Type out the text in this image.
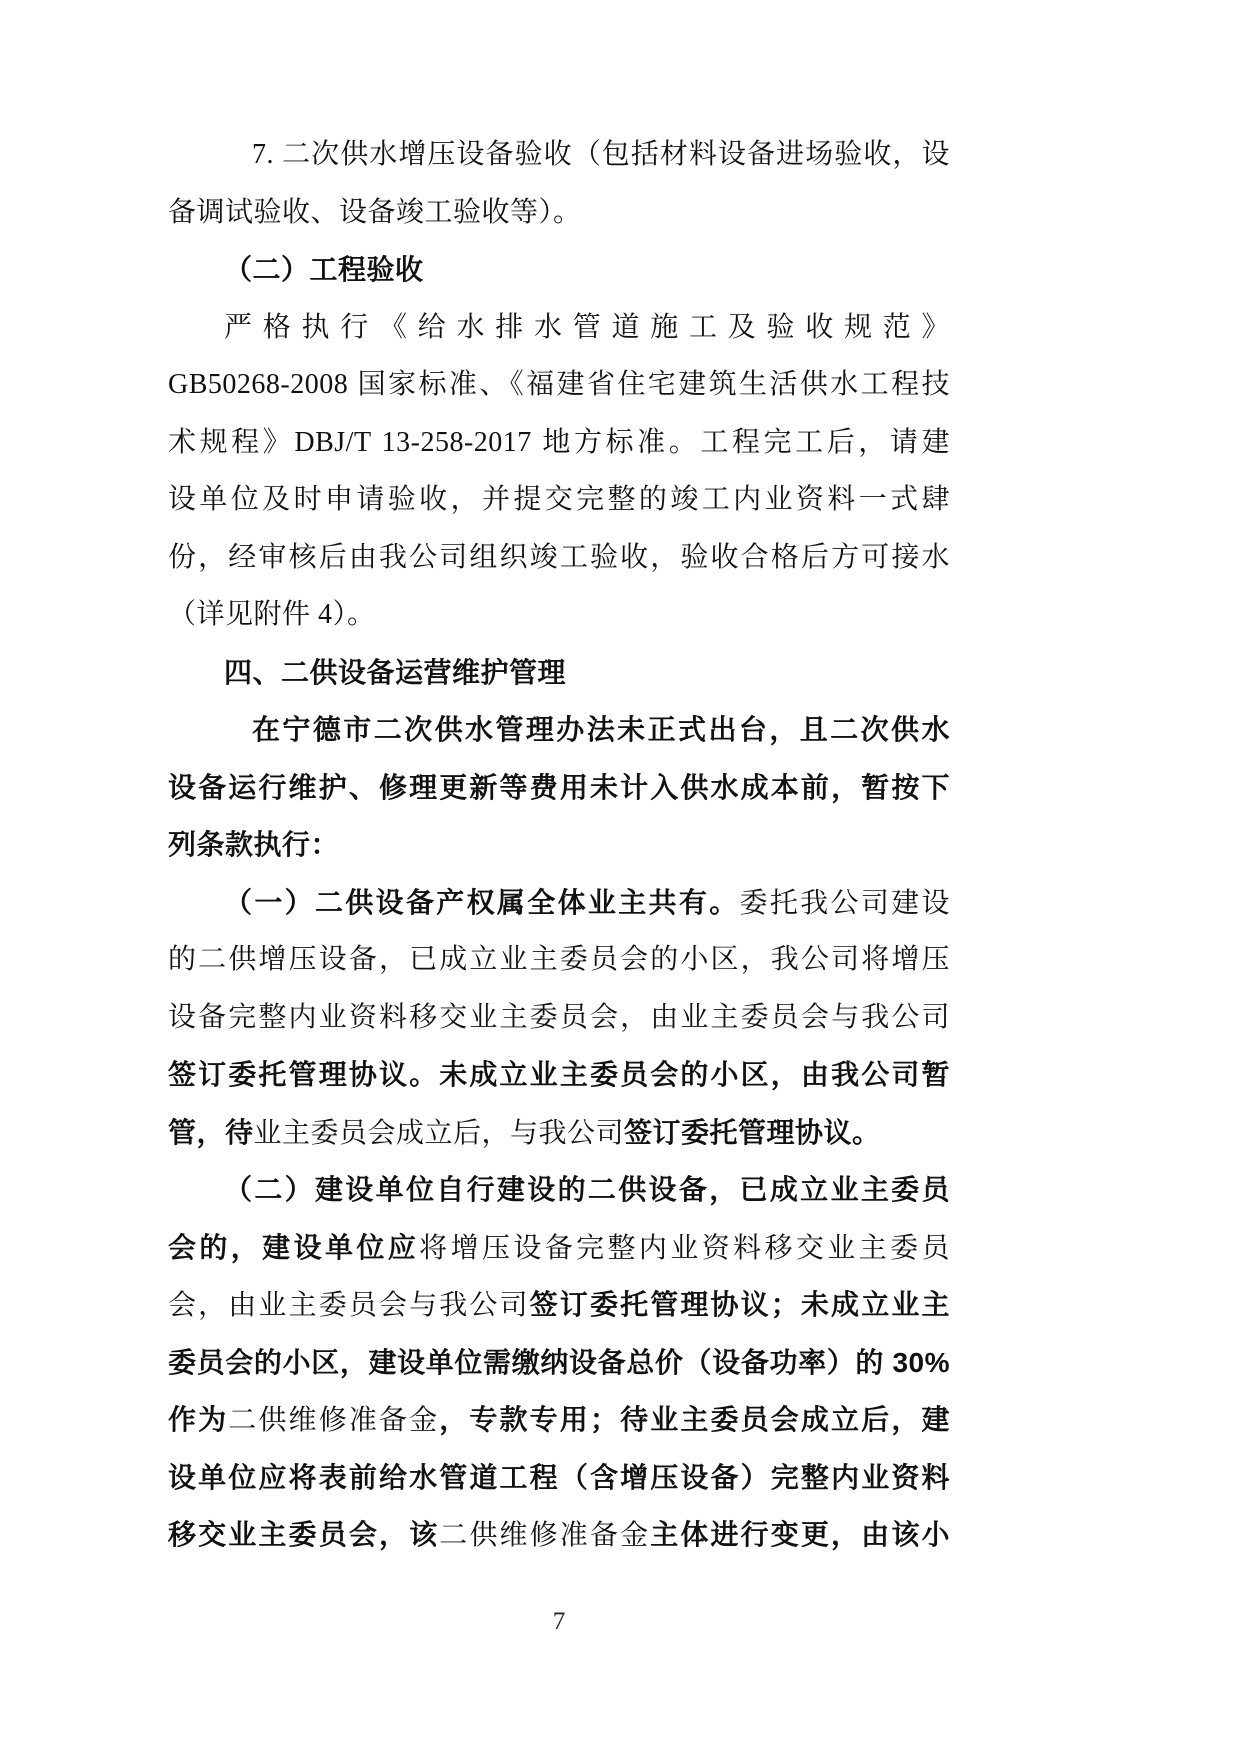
7. 二次供水增压设备验收（包括材料设备进场验收，设
备调试验收、设备竣工验收等）。
（二）工程验收
严格执行《给水排水管道施工及验收规范》
GB50268-2008 国家标准、《福建省住宅建筑生活供水工程技
术规程》DBJ/T 13-258-2017 地方标准。工程完工后，请建
设单位及时申请验收，并提交完整的竣工内业资料一式肆
份，经审核后由我公司组织竣工验收，验收合格后方可接水
（详见附件 4）。
四、二供设备运营维护管理
在宁德市二次供水管理办法未正式出台，且二次供水
设备运行维护、修理更新等费用未计入供水成本前，暂按下
列条款执行：
（一）二供设备产权属全体业主共有。委托我公司建设
的二供增压设备，已成立业主委员会的小区，我公司将增压
设备完整内业资料移交业主委员会，由业主委员会与我公司
签订委托管理协议。未成立业主委员会的小区，由我公司暂
管，待业主委员会成立后，与我公司签订委托管理协议。
（二）建设单位自行建设的二供设备，已成立业主委员
会的，建设单位应将增压设备完整内业资料移交业主委员
会，由业主委员会与我公司签订委托管理协议；未成立业主
委员会的小区，建设单位需缴纳设备总价（设备功率）的 30%
作为二供维修准备金，专款专用；待业主委员会成立后，建
设单位应将表前给水管道工程（含增压设备）完整内业资料
移交业主委员会，该二供维修准备金主体进行变更，由该小
7
